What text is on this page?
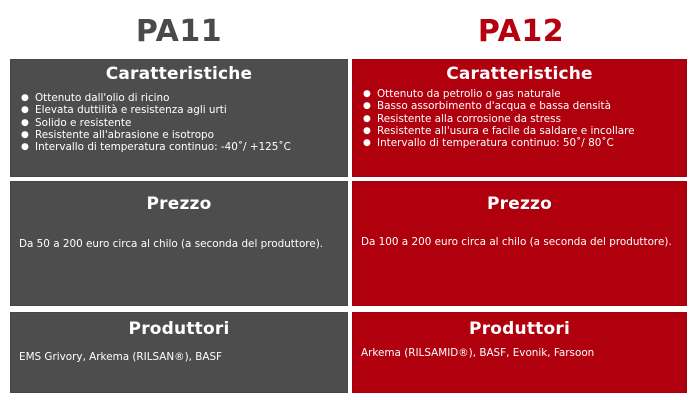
PA11	PA12
Caratteristiche
● Ottenuto dall'olio di ricino
● Elevata duttilità e resistenza agli urti
● Solido e resistente
● Resistente all'abrasione e isotropo
● Intervallo di temperatura continuo: -40˚/ +125˚C
Prezzo
Da 50 a 200 euro circa al chilo (a seconda del produttore).
Produttori
EMS Grivory, Arkema (RILSAN®), BASF
Caratteristiche
● Ottenuto da petrolio o gas naturale
● Basso assorbimento d'acqua e bassa densità
● Resistente alla corrosione da stress
● Resistente all'usura e facile da saldare e incollare
● Intervallo di temperatura continuo: 50˚/ 80˚C
Prezzo
Da 100 a 200 euro circa al chilo (a seconda del produttore).
Produttori
Arkema (RILSAMID®), BASF, Evonik, Farsoon
